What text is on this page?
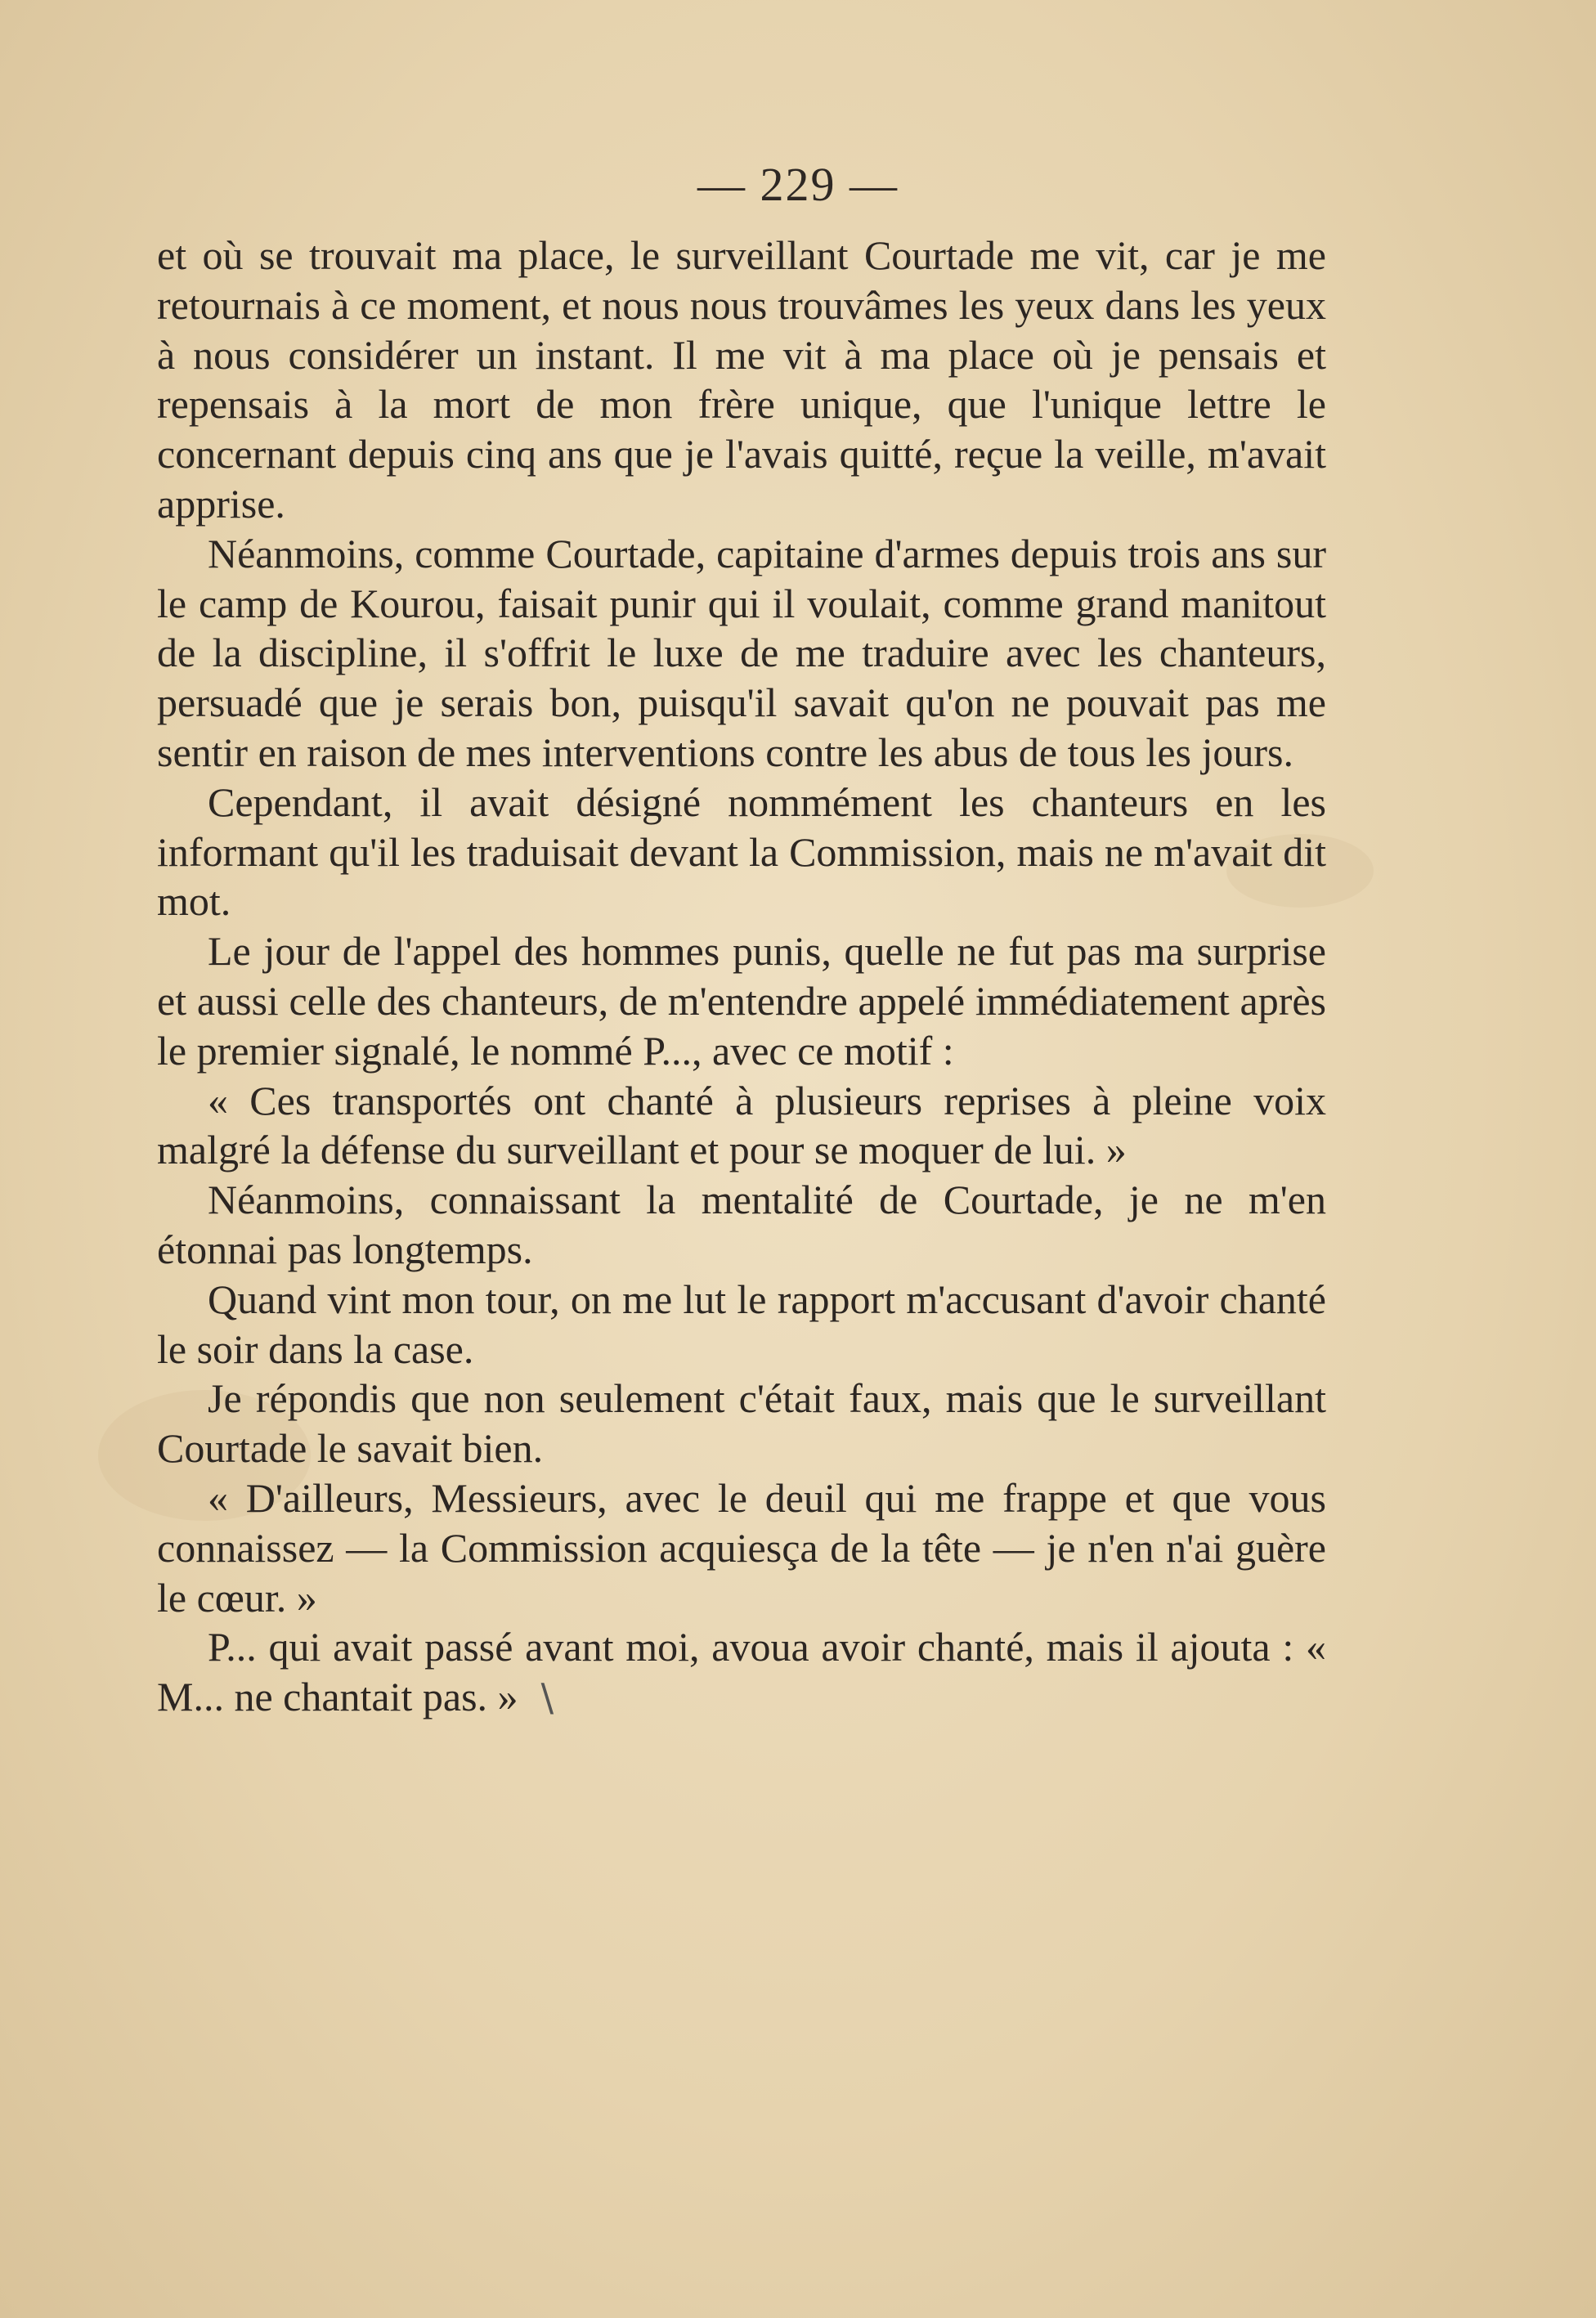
— 229 —

et où se trouvait ma place, le surveillant Courtade me vit, car je me retournais à ce moment, et nous nous trouvâmes les yeux dans les yeux à nous considérer un instant. Il me vit à ma place où je pensais et repensais à la mort de mon frère unique, que l'unique lettre le concernant depuis cinq ans que je l'avais quitté, reçue la veille, m'avait apprise.

Néanmoins, comme Courtade, capitaine d'armes depuis trois ans sur le camp de Kourou, faisait punir qui il voulait, comme grand manitout de la discipline, il s'offrit le luxe de me traduire avec les chanteurs, persuadé que je serais bon, puisqu'il savait qu'on ne pouvait pas me sentir en raison de mes interventions contre les abus de tous les jours.

Cependant, il avait désigné nommément les chanteurs en les informant qu'il les traduisait devant la Commission, mais ne m'avait dit mot.

Le jour de l'appel des hommes punis, quelle ne fut pas ma surprise et aussi celle des chanteurs, de m'entendre appelé immédiatement après le premier signalé, le nommé P..., avec ce motif :

« Ces transportés ont chanté à plusieurs reprises à pleine voix malgré la défense du surveillant et pour se moquer de lui. »

Néanmoins, connaissant la mentalité de Courtade, je ne m'en étonnai pas longtemps.

Quand vint mon tour, on me lut le rapport m'accusant d'avoir chanté le soir dans la case.

Je répondis que non seulement c'était faux, mais que le surveillant Courtade le savait bien.

« D'ailleurs, Messieurs, avec le deuil qui me frappe et que vous connaissez — la Commission acquiesça de la tête — je n'en n'ai guère le cœur. »

P... qui avait passé avant moi, avoua avoir chanté, mais il ajouta : « M... ne chantait pas. » \
